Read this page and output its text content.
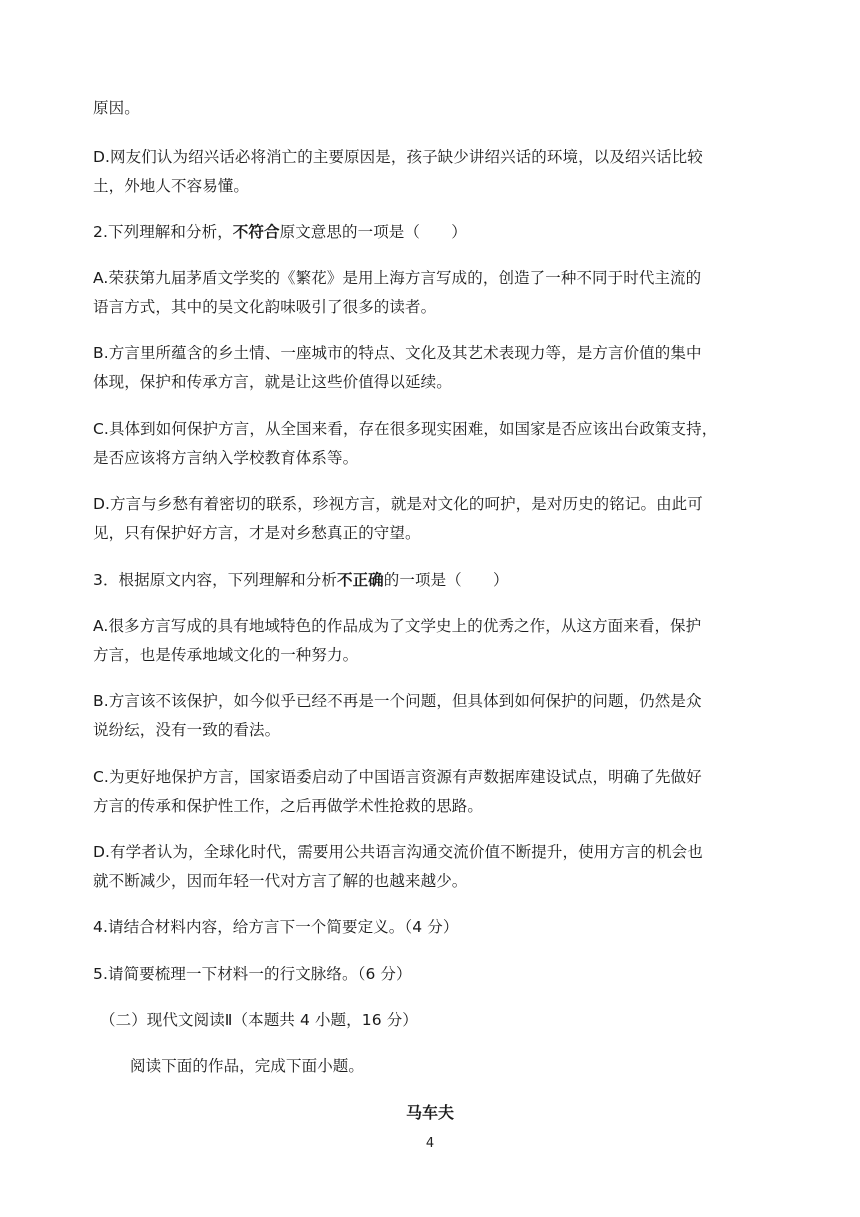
原因。
D.网友们认为绍兴话必将消亡的主要原因是，孩子缺少讲绍兴话的环境，以及绍兴话比较
土，外地人不容易懂。
2.下列理解和分析，不符合原文意思的一项是（　　）
A.荣获第九届茅盾文学奖的《繁花》是用上海方言写成的，创造了一种不同于时代主流的
语言方式，其中的吴文化韵味吸引了很多的读者。
B.方言里所蕴含的乡土情、一座城市的特点、文化及其艺术表现力等，是方言价值的集中
体现，保护和传承方言，就是让这些价值得以延续。
C.具体到如何保护方言，从全国来看，存在很多现实困难，如国家是否应该出台政策支持，
是否应该将方言纳入学校教育体系等。
D.方言与乡愁有着密切的联系，珍视方言，就是对文化的呵护，是对历史的铭记。由此可
见，只有保护好方言，才是对乡愁真正的守望。
3．根据原文内容，下列理解和分析不正确的一项是（　　）
A.很多方言写成的具有地域特色的作品成为了文学史上的优秀之作，从这方面来看，保护
方言，也是传承地域文化的一种努力。
B.方言该不该保护，如今似乎已经不再是一个问题，但具体到如何保护的问题，仍然是众
说纷纭，没有一致的看法。
C.为更好地保护方言，国家语委启动了中国语言资源有声数据库建设试点，明确了先做好
方言的传承和保护性工作，之后再做学术性抢救的思路。
D.有学者认为，全球化时代，需要用公共语言沟通交流价值不断提升，使用方言的机会也
就不断减少，因而年轻一代对方言了解的也越来越少。
4.请结合材料内容，给方言下一个简要定义。（4 分）
5.请简要梳理一下材料一的行文脉络。（6 分）
（二）现代文阅读Ⅱ（本题共 4 小题，16 分）
阅读下面的作品，完成下面小题。
马车夫
4
